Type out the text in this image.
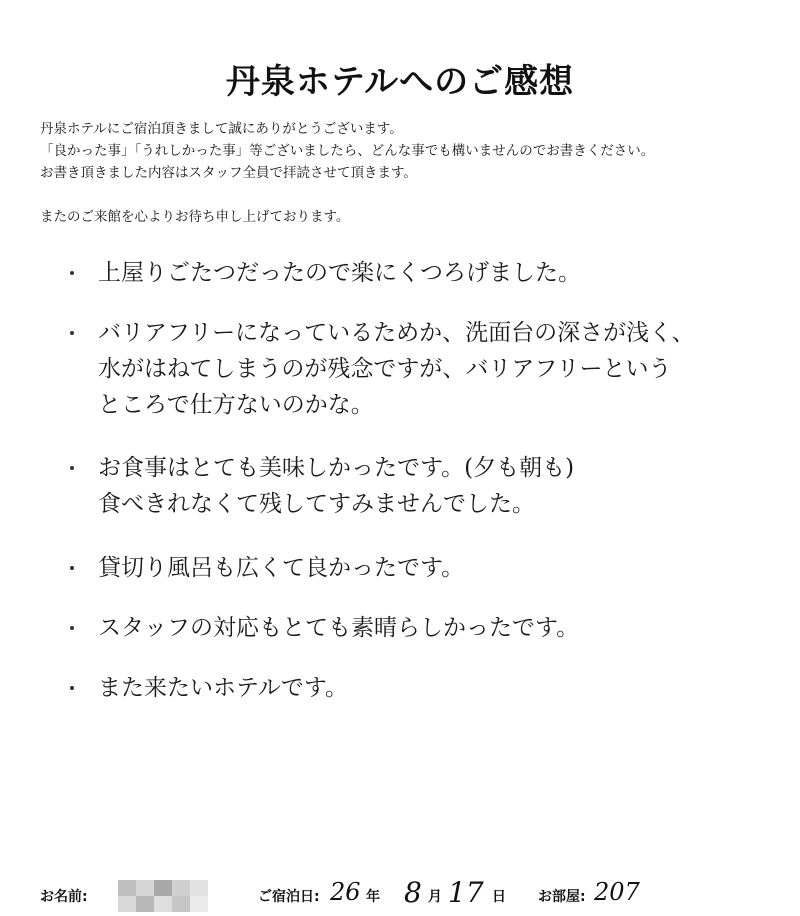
丹泉ホテルへのご感想
丹泉ホテルにご宿泊頂きまして誠にありがとうございます。
「良かった事」「うれしかった事」等ございましたら、どんな事でも構いませんのでお書きください。
お書き頂きました内容はスタッフ全員で拝読させて頂きます。
またのご来館を心よりお待ち申し上げております。
上屋りごたつだったので楽にくつろげました。
バリアフリーになっているためか、洗面台の深さが浅く、
水がはねてしまうのが残念ですが、バリアフリーという
ところで仕方ないのかな。
お食事はとても美味しかったです。(夕も朝も)
食べきれなくて残してすみませんでした。
貸切り風呂も広くて良かったです。
スタッフの対応もとても素晴らしかったです。
また来たいホテルです。
お名前:	ご宿泊日: 26 年 8 月 17 日 お部屋: 207
